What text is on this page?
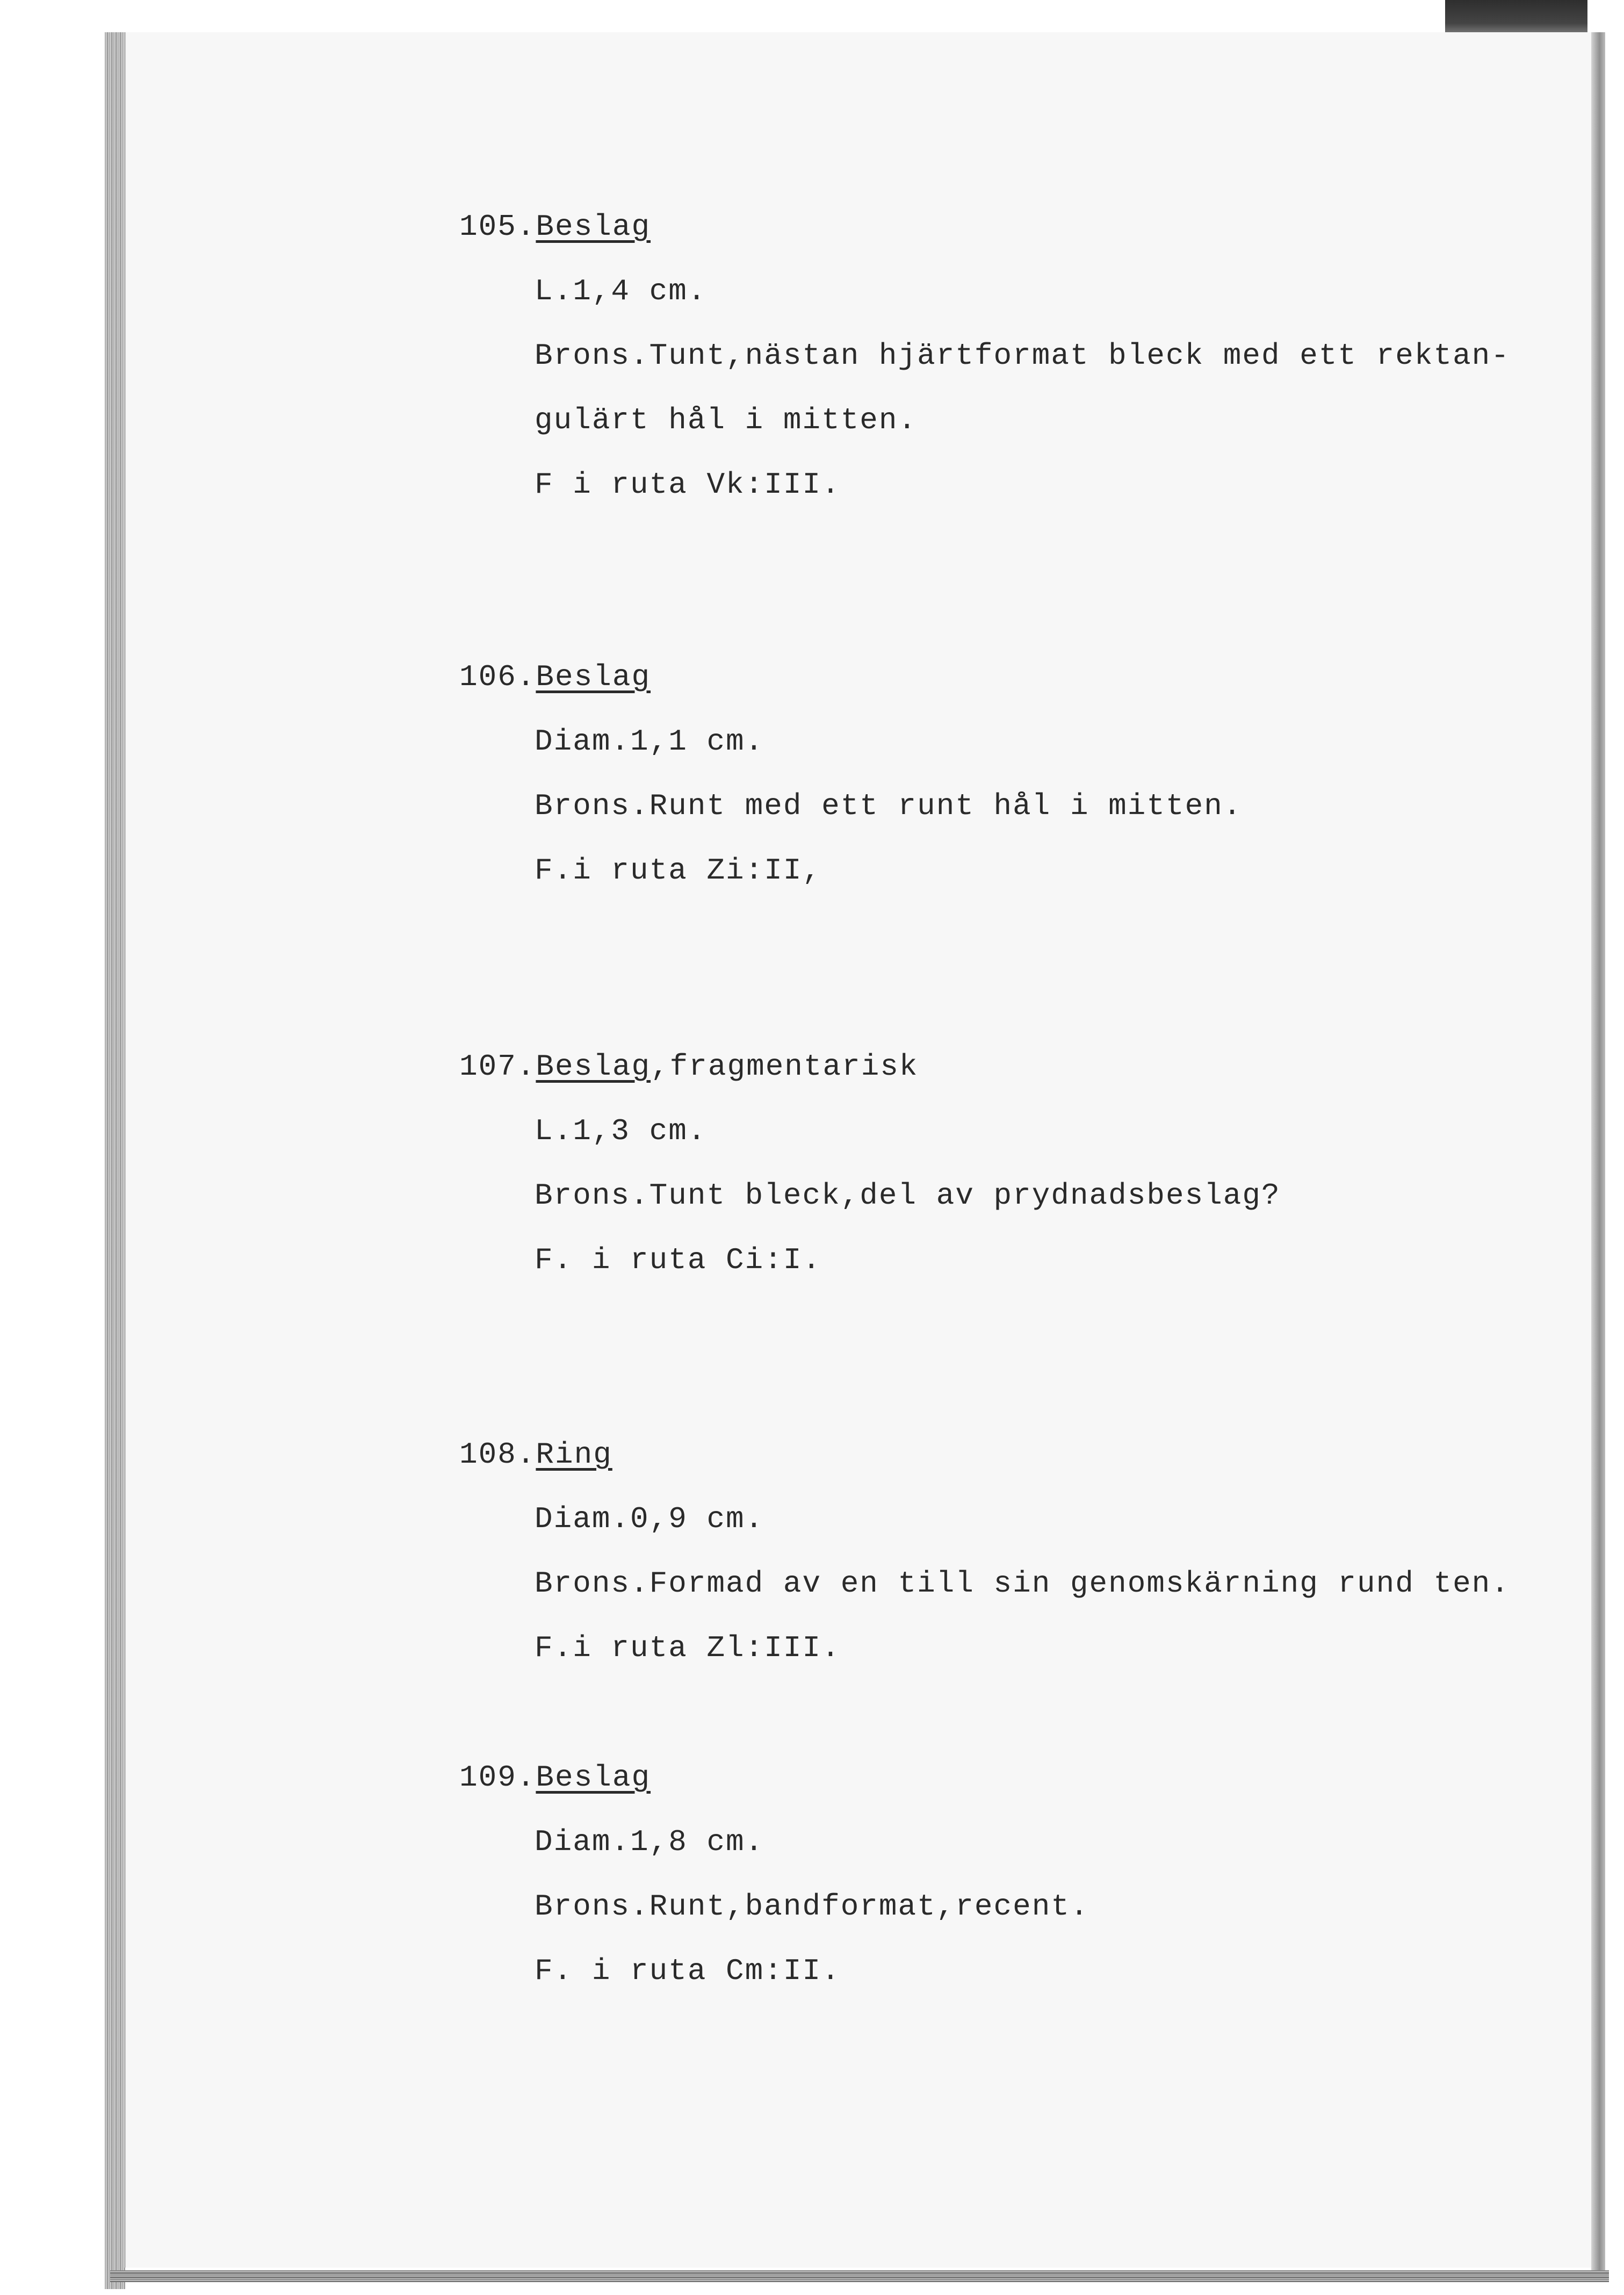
105.Beslag

L.1,4 cm.

Brons.Tunt,nästan hjärtformat bleck med ett rektan-

gulärt hål i mitten.

F i ruta Vk:III.

106.Beslag

Diam.1,1 cm.

Brons.Runt med ett runt hål i mitten.

F.i ruta Zi:II,

107.Beslag,fragmentarisk

L.1,3 cm.

Brons.Tunt bleck,del av prydnadsbeslag?

F. i ruta Ci:I.

108.Ring

Diam.0,9 cm.

Brons.Formad av en till sin genomskärning rund ten.

F.i ruta Zl:III.

109.Beslag

Diam.1,8 cm.

Brons.Runt,bandformat,recent.

F. i ruta Cm:II.
